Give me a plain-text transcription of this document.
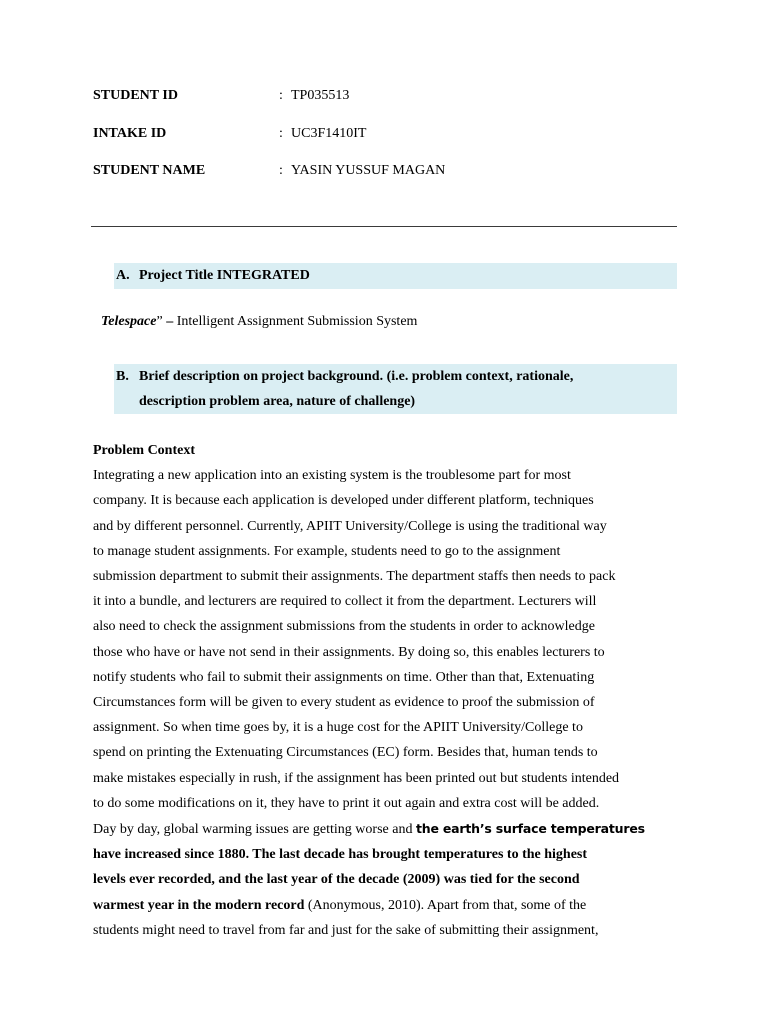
STUDENT ID	: TP035513
INTAKE ID	: UC3F1410IT
STUDENT NAME	: YASIN YUSSUF MAGAN
A. Project Title INTEGRATED
Telespace” – Intelligent Assignment Submission System
B. Brief description on project background. (i.e. problem context, rationale,
description problem area, nature of challenge)
Problem Context
Integrating a new application into an existing system is the troublesome part for most
company. It is because each application is developed under different platform, techniques
and by different personnel. Currently, APIIT University/College is using the traditional way
to manage student assignments. For example, students need to go to the assignment
submission department to submit their assignments. The department staffs then needs to pack
it into a bundle, and lecturers are required to collect it from the department. Lecturers will
also need to check the assignment submissions from the students in order to acknowledge
those who have or have not send in their assignments. By doing so, this enables lecturers to
notify students who fail to submit their assignments on time. Other than that, Extenuating
Circumstances form will be given to every student as evidence to proof the submission of
assignment. So when time goes by, it is a huge cost for the APIIT University/College to
spend on printing the Extenuating Circumstances (EC) form. Besides that, human tends to
make mistakes especially in rush, if the assignment has been printed out but students intended
to do some modifications on it, they have to print it out again and extra cost will be added.
Day by day, global warming issues are getting worse and the earth’s surface temperatures
have increased since 1880. The last decade has brought temperatures to the highest
levels ever recorded, and the last year of the decade (2009) was tied for the second
warmest year in the modern record (Anonymous, 2010). Apart from that, some of the
students might need to travel from far and just for the sake of submitting their assignment,
